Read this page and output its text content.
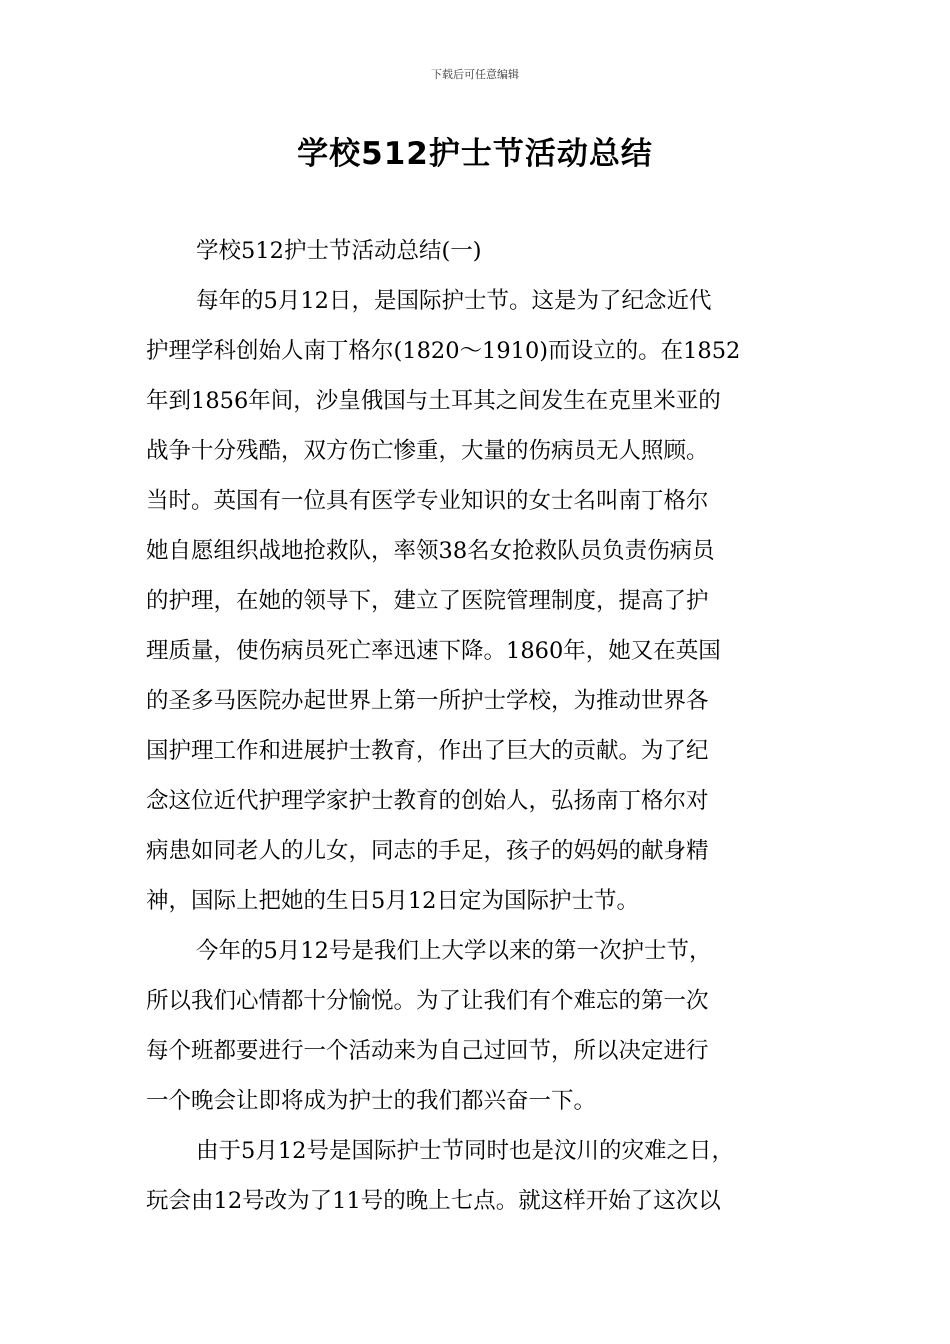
下载后可任意编辑
学校512护士节活动总结
学校512护士节活动总结(一)
每年的5月12日，是国际护士节。这是为了纪念近代
护理学科创始人南丁格尔(1820～1910)而设立的。在1852
年到1856年间，沙皇俄国与土耳其之间发生在克里米亚的
战争十分残酷，双方伤亡惨重，大量的伤病员无人照顾。
当时。英国有一位具有医学专业知识的女士名叫南丁格尔
她自愿组织战地抢救队，率领38名女抢救队员负责伤病员
的护理，在她的领导下，建立了医院管理制度，提高了护
理质量，使伤病员死亡率迅速下降。1860年，她又在英国
的圣多马医院办起世界上第一所护士学校，为推动世界各
国护理工作和进展护士教育，作出了巨大的贡献。为了纪
念这位近代护理学家护士教育的创始人，弘扬南丁格尔对
病患如同老人的儿女，同志的手足，孩子的妈妈的献身精
神，国际上把她的生日5月12日定为国际护士节。
今年的5月12号是我们上大学以来的第一次护士节，
所以我们心情都十分愉悦。为了让我们有个难忘的第一次
每个班都要进行一个活动来为自己过回节，所以决定进行
一个晚会让即将成为护士的我们都兴奋一下。
由于5月12号是国际护士节同时也是汶川的灾难之日，
玩会由12号改为了11号的晚上七点。就这样开始了这次以
